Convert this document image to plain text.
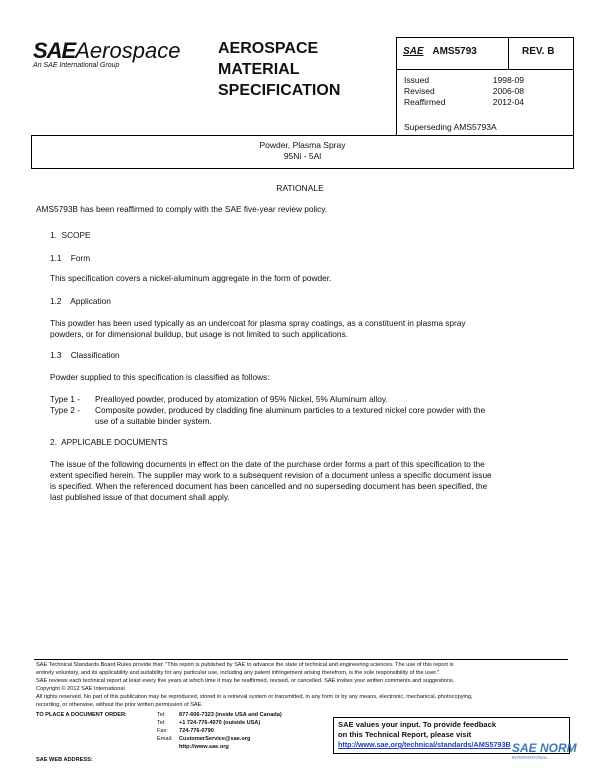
SAEAerospace
An SAE International Group
AEROSPACE
MATERIAL
SPECIFICATION
SAE AMS5793	REV. B
Issued	1998-09
Revised	2006-08
Reaffirmed	2012-04
Superseding AMS5793A
Powder, Plasma Spray
95Ni - 5Al
RATIONALE
AMS5793B has been reaffirmed to comply with the SAE five-year review policy.
1.  SCOPE
1.1    Form
This specification covers a nickel-aluminum aggregate in the form of powder.
1.2    Application
This powder has been used typically as an undercoat for plasma spray coatings, as a constituent in plasma spray
powders, or for dimensional buildup, but usage is not limited to such applications.
1.3    Classification
Powder supplied to this specification is classified as follows:
Type 1 - Prealloyed powder, produced by atomization of 95% Nickel, 5% Aluminum alloy.
Type 2 - Composite powder, produced by cladding fine aluminum particles to a textured nickel core powder with the
use of a suitable binder system.
2.  APPLICABLE DOCUMENTS
The issue of the following documents in effect on the date of the purchase order forms a part of this specification to the
extent specified herein. The supplier may work to a subsequent revision of a document unless a specific document issue
is specified. When the referenced document has been cancelled and no superseding document has been specified, the
last published issue of that document shall apply.
SAE Technical Standards Board Rules provide that: "This report is published by SAE to advance the state of technical and engineering sciences. The use of this report is
entirely voluntary, and its applicability and suitability for any particular use, including any patent infringement arising therefrom, is the sole responsibility of the user."
SAE reviews each technical report at least every five years at which time it may be reaffirmed, revised, or cancelled. SAE invites your written comments and suggestions.
Copyright © 2012 SAE International
All rights reserved. No part of this publication may be reproduced, stored in a retrieval system or transmitted, in any form or by any means, electronic, mechanical, photocopying,
recording, or otherwise, without the prior written permission of SAE.
TO PLACE A DOCUMENT ORDER:	Tel: 877-606-7323 (inside USA and Canada)
Tel: +1 724-776-4970 (outside USA)
Fax: 724-776-0790
Email: CustomerService@sae.org
http://www.sae.org
SAE WEB ADDRESS:
SAE values your input. To provide feedback
on this Technical Report, please visit
http://www.sae.org/technical/standards/AMS5793B SAE NORM
INTERNATIONAL
